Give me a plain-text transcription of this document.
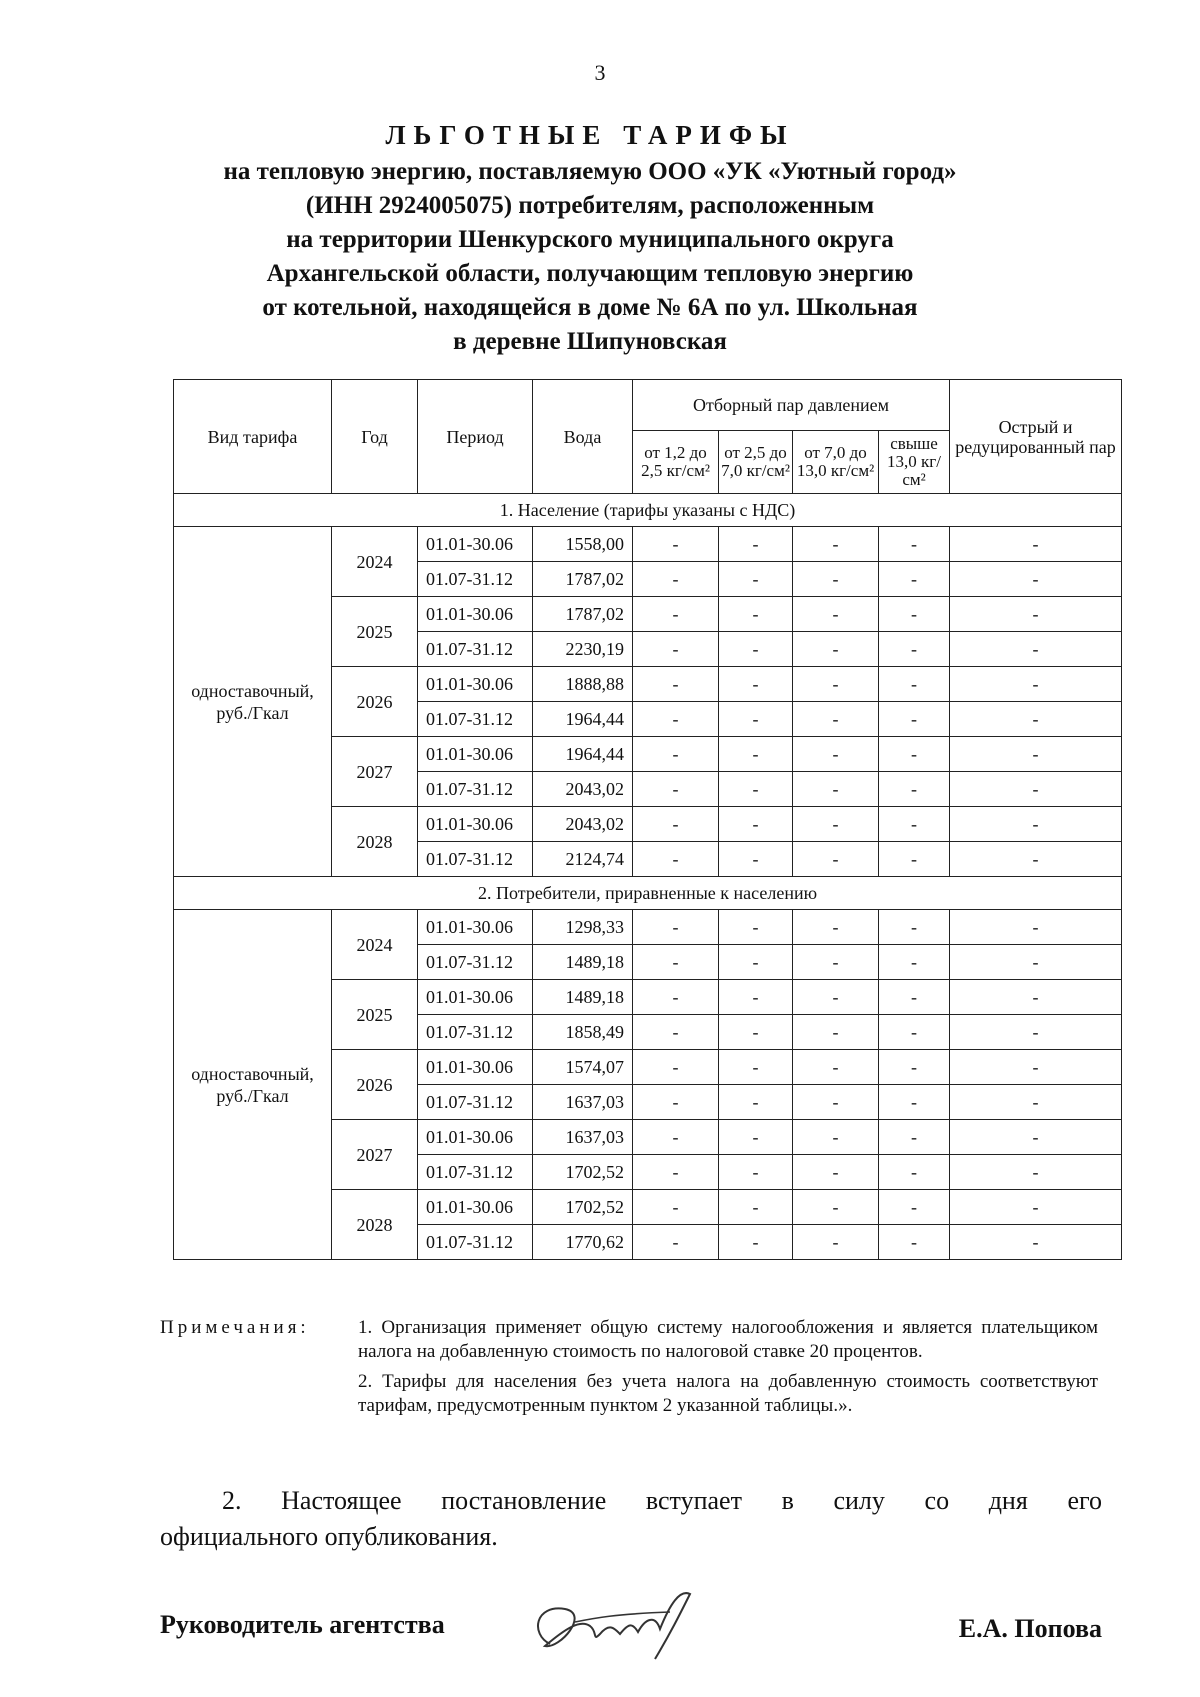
3
ЛЬГОТНЫЕ ТАРИФЫ
на тепловую энергию, поставляемую ООО «УК «Уютный город»
(ИНН 2924005075) потребителям, расположенным
на территории Шенкурского муниципального округа
Архангельской области, получающим тепловую энергию
от котельной, находящейся в доме № 6А по ул. Школьная
в деревне Шипуновская
Вид тарифа	Год	Период	Вода	Отборный пар давлением				Острый и редуцированный пар
				от 1,2 до 2,5 кг/см²	от 2,5 до 7,0 кг/см²	от 7,0 до 13,0 кг/см²	свыше 13,0 кг/см²	
1. Население (тарифы указаны с НДС)								
одноставочный, руб./Гкал	2024	01.01-30.06	1558,00	-	-	-	-	-
		01.07-31.12	1787,02	-	-	-	-	-
	2025	01.01-30.06	1787,02	-	-	-	-	-
		01.07-31.12	2230,19	-	-	-	-	-
	2026	01.01-30.06	1888,88	-	-	-	-	-
		01.07-31.12	1964,44	-	-	-	-	-
	2027	01.01-30.06	1964,44	-	-	-	-	-
		01.07-31.12	2043,02	-	-	-	-	-
	2028	01.01-30.06	2043,02	-	-	-	-	-
		01.07-31.12	2124,74	-	-	-	-	-
2. Потребители, приравненные к населению								
одноставочный, руб./Гкал	2024	01.01-30.06	1298,33	-	-	-	-	-
		01.07-31.12	1489,18	-	-	-	-	-
	2025	01.01-30.06	1489,18	-	-	-	-	-
		01.07-31.12	1858,49	-	-	-	-	-
	2026	01.01-30.06	1574,07	-	-	-	-	-
		01.07-31.12	1637,03	-	-	-	-	-
	2027	01.01-30.06	1637,03	-	-	-	-	-
		01.07-31.12	1702,52	-	-	-	-	-
	2028	01.01-30.06	1702,52	-	-	-	-	-
		01.07-31.12	1770,62	-	-	-	-	-
Примечания:	1. Организация применяет общую систему налогообложения и является плательщиком налога на добавленную стоимость по налоговой ставке 20 процентов.

2. Тарифы для населения без учета налога на добавленную стоимость соответствуют тарифам, предусмотренным пунктом 2 указанной таблицы.».

2. Настоящее постановление вступает в силу со дня его
официального опубликования.
Руководитель агентства	Е.А. Попова
